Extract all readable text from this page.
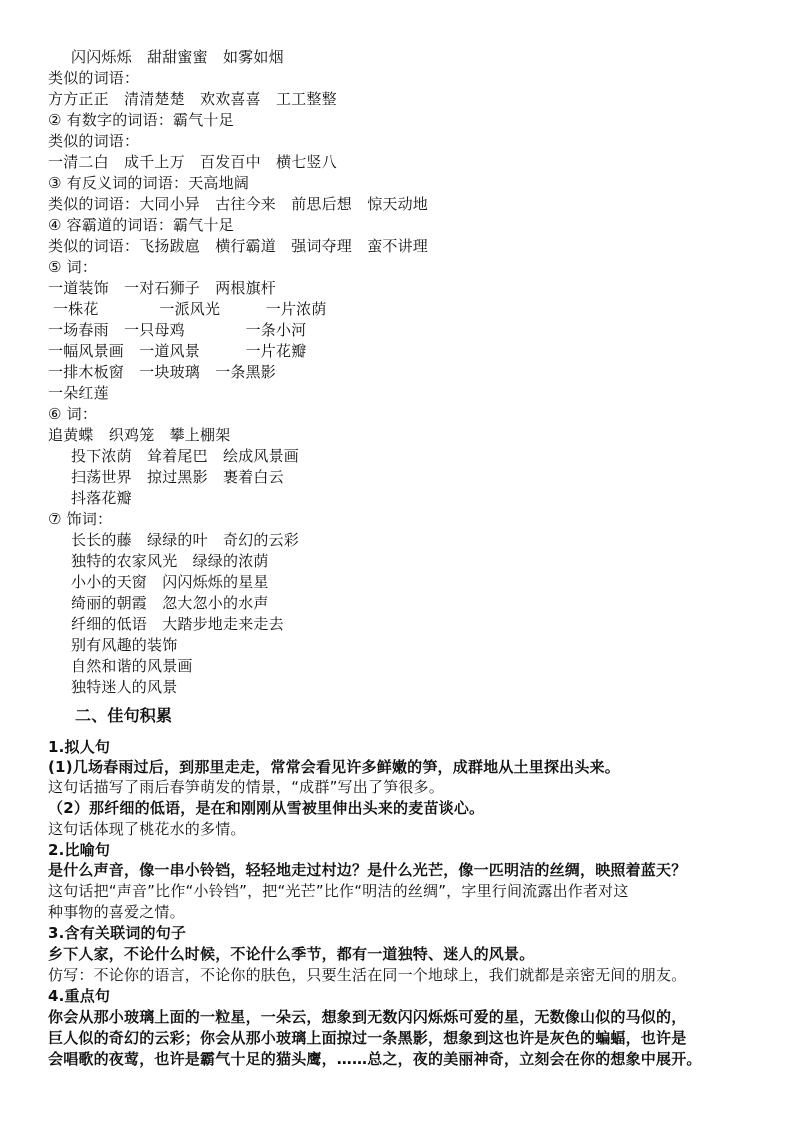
闪闪烁烁　甜甜蜜蜜　如雾如烟
类似的词语：
方方正正　清清楚楚　欢欢喜喜　工工整整
② 有数字的词语：霸气十足
类似的词语：
一清二白　成千上万　百发百中　横七竖八
③ 有反义词的词语：天高地阔
类似的词语：大同小异　古往今来　前思后想　惊天动地
④ 容霸道的词语：霸气十足
类似的词语：飞扬跋扈　横行霸道　强词夺理　蛮不讲理
⑤ 词：
一道装饰　一对石狮子　两根旗杆
一株花　　　　一派风光　　　一片浓荫
一场春雨　一只母鸡　　　　一条小河
一幅风景画　一道风景　　　一片花瓣
一排木板窗　一块玻璃　一条黑影
一朵红莲
⑥ 词：
追黄蝶　织鸡笼　攀上棚架
投下浓荫　耸着尾巴　绘成风景画
扫荡世界　掠过黑影　裹着白云
抖落花瓣
⑦ 饰词：
长长的藤　绿绿的叶　奇幻的云彩
独特的农家风光　绿绿的浓荫
小小的天窗　闪闪烁烁的星星
绮丽的朝霞　忽大忽小的水声
纤细的低语　大踏步地走来走去
别有风趣的装饰
自然和谐的风景画
独特迷人的风景
二、佳句积累
1.拟人句
(1)几场春雨过后，到那里走走，常常会看见许多鲜嫩的笋，成群地从土里探出头来。
这句话描写了雨后春笋萌发的情景，“成群”写出了笋很多。
（2）那纤细的低语，是在和刚刚从雪被里伸出头来的麦苗谈心。
这句话体现了桃花水的多情。
2.比喻句
是什么声音，像一串小铃铛，轻轻地走过村边？是什么光芒，像一匹明洁的丝绸，映照着蓝天？
这句话把“声音”比作“小铃铛”，把“光芒”比作“明洁的丝绸”，字里行间流露出作者对这
种事物的喜爱之情。
3.含有关联词的句子
乡下人家，不论什么时候，不论什么季节，都有一道独特、迷人的风景。
仿写：不论你的语言，不论你的肤色，只要生活在同一个地球上，我们就都是亲密无间的朋友。
4.重点句
你会从那小玻璃上面的一粒星，一朵云，想象到无数闪闪烁烁可爱的星，无数像山似的马似的，
巨人似的奇幻的云彩；你会从那小玻璃上面掠过一条黑影，想象到这也许是灰色的蝙蝠，也许是
会唱歌的夜莺，也许是霸气十足的猫头鹰，……总之，夜的美丽神奇，立刻会在你的想象中展开。
